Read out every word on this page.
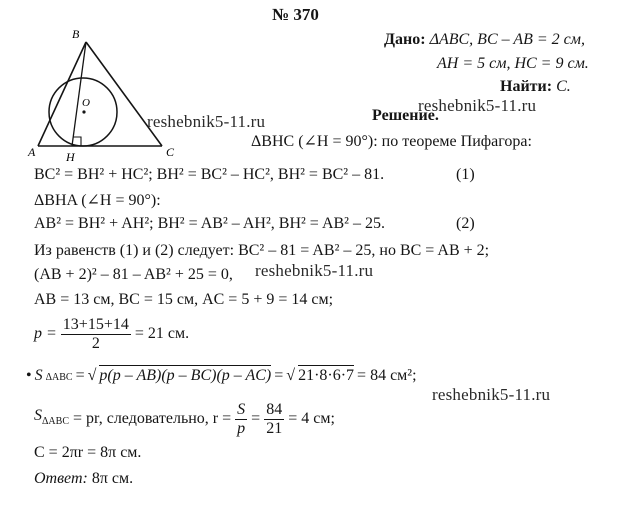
№ 370
B
O
A	H	C
Дано: ΔABC, BC – AB = 2 см,
AH = 5 см, HC = 9 см.
Найти: C.
reshebnik5-11.ru
reshebnik5-11.ru
reshebnik5-11.ru
reshebnik5-11.ru
Решение.
ΔBHC (∠H = 90°): по теореме Пифагора:
BC² = BH² + HC²; BH² = BC² – HC², BH² = BC² – 81.	(1)
ΔBHA (∠H = 90°):
AB² = BH² + AH²; BH² = AB² – AH², BH² = AB² – 25.	(2)
Из равенств (1) и (2) следует: BC² – 81 = AB² – 25, но BC = AB + 2;
(AB + 2)² – 81 – AB² + 25 = 0,
AB = 13 см, BC = 15 см, AC = 5 + 9 = 14 см;
$p = \frac{13+15+14}{2} = 21$ см.
• S ΔABC = √ p(p – AB)(p – BC)(p – AC) = √ 21·8·6·7 = 84 см²;
$S_{\Delta ABC}$ = pr, следовательно, $r = \frac{S}{p} = \frac{84}{21} = 4$ см;
C = 2πr = 8π см.
Ответ: 8π см.
